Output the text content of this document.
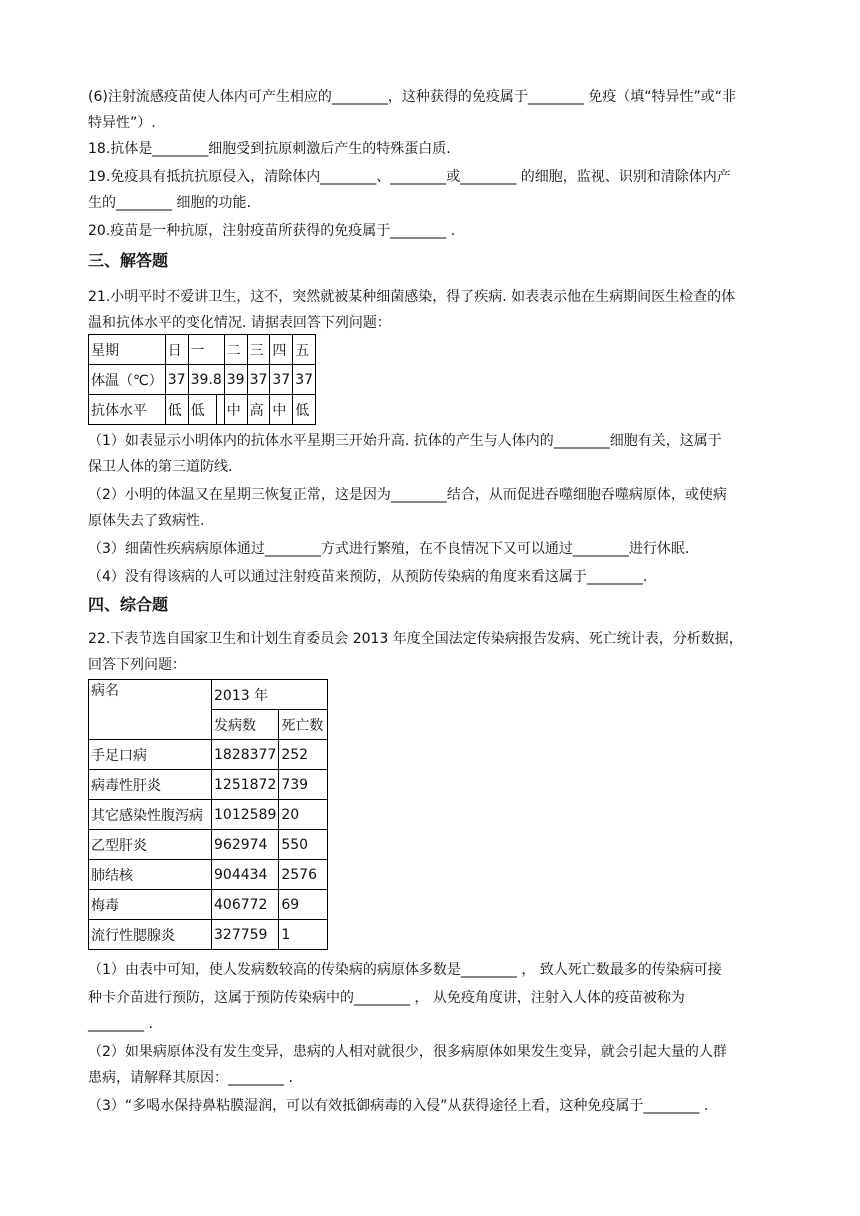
(6)注射流感疫苗使人体内可产生相应的________，这种获得的免疫属于________ 免疫（填“特异性”或“非

特异性”）.

18.抗体是________细胞受到抗原刺激后产生的特殊蛋白质.

19.免疫具有抵抗抗原侵入，清除体内________、________或________ 的细胞，监视、识别和清除体内产

生的________ 细胞的功能.

20.疫苗是一种抗原，注射疫苗所获得的免疫属于________ .

三、解答题

21.小明平时不爱讲卫生，这不，突然就被某种细菌感染，得了疾病. 如表表示他在生病期间医生检查的体

温和抗体水平的变化情况. 请据表回答下列问题：

星期	日	一		二	三	四	五
体温（℃）	37	39.8		39	37	37	37
抗体水平	低	低		中	高	中	低

（1）如表显示小明体内的抗体水平星期三开始升高. 抗体的产生与人体内的________细胞有关，这属于

保卫人体的第三道防线.

（2）小明的体温又在星期三恢复正常，这是因为________结合，从而促进吞噬细胞吞噬病原体，或使病

原体失去了致病性.

（3）细菌性疾病病原体通过________方式进行繁殖，在不良情况下又可以通过________进行休眠.

（4）没有得该病的人可以通过注射疫苗来预防，从预防传染病的角度来看这属于________.

四、综合题

22.下表节选自国家卫生和计划生育委员会 2013 年度全国法定传染病报告发病、死亡统计表，分析数据，

回答下列问题：

病名	2013 年	
	发病数	死亡数
手足口病	1828377	252
病毒性肝炎	1251872	739
其它感染性腹泻病	1012589	20
乙型肝炎	962974	550
肺结核	904434	2576
梅毒	406772	69
流行性腮腺炎	327759	1

（1）由表中可知，使人发病数较高的传染病的病原体多数是________ ， 致人死亡数最多的传染病可接

种卡介苗进行预防，这属于预防传染病中的________ ， 从免疫角度讲，注射入人体的疫苗被称为

________ .

（2）如果病原体没有发生变异，患病的人相对就很少，很多病原体如果发生变异，就会引起大量的人群

患病，请解释其原因：________ .

（3）“多喝水保持鼻粘膜湿润，可以有效抵御病毒的入侵”从获得途径上看，这种免疫属于________ .
